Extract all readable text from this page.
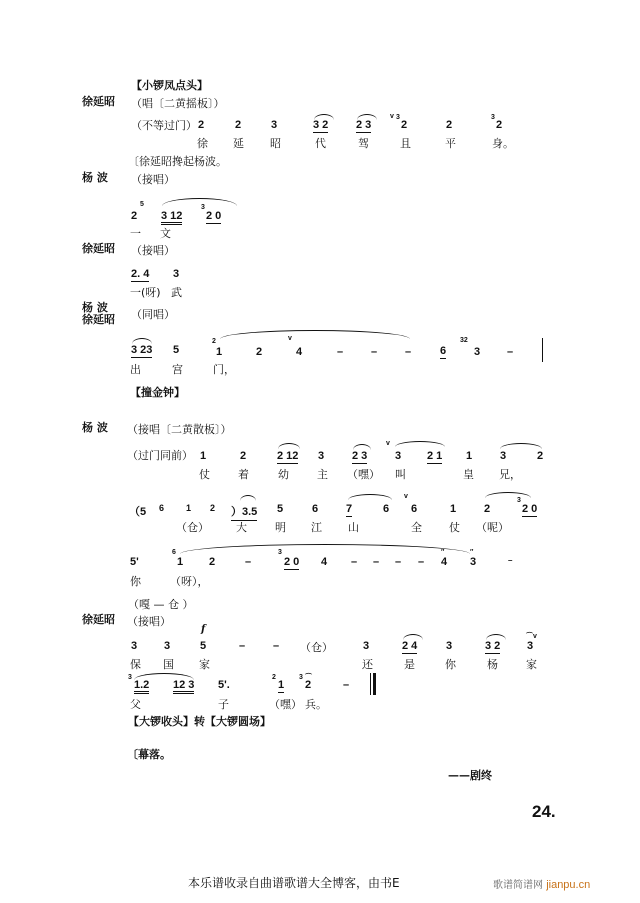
【小锣凤点头】
徐延昭 （唱〔二黄摇板〕）
（不等过门） 2	2	3	3 2	2 3
v 3
2	2
3
2
徐 延 昭	代	驾	且	平	身。
〔徐延昭搀起杨波。
杨 波 （接唱）
2
5
3 12
3
2 0
一 文
徐延昭 （接唱）
2. 4 3
一(呀) 武
杨 波
徐延昭 （同唱）
3 23 5
2
1	2
v
4	–	–	–	6
32
3 –
出	宫	门，
【撞金钟】
杨 波 （接唱〔二黄散板〕）
（过门同前） 1	2	2 12 3	2 3
v
3 2 1 1	3	2
仗	着	幼	主 （嘿） 叫	皇 兄，
（5 6 1 2 ）3.5 5	6	7	6
v
6	1	2
3
2 0
（仓） 大	明 江 山	全 仗 （呢）
5'
6
1 2	–
3
2 0 4 – – – –
″
4
″
3	–
你	（呀），
（嘎 — 仓 ）
徐延昭 （接唱）
f
3 3	5	–	– （仓）	3	2 4	3	3 2
⌒v
3
保 国 家	还	是	你	杨	家
3
1.2 12 3 5'.
2
1
3 ⌒
2	–
父	子	（嘿） 兵。
【大锣收头】转【大锣圆场】
〔幕落。
——剧终
24.
本乐谱收录自曲谱歌谱大全博客，由书E	歌谱简谱网 jianpu.cn
